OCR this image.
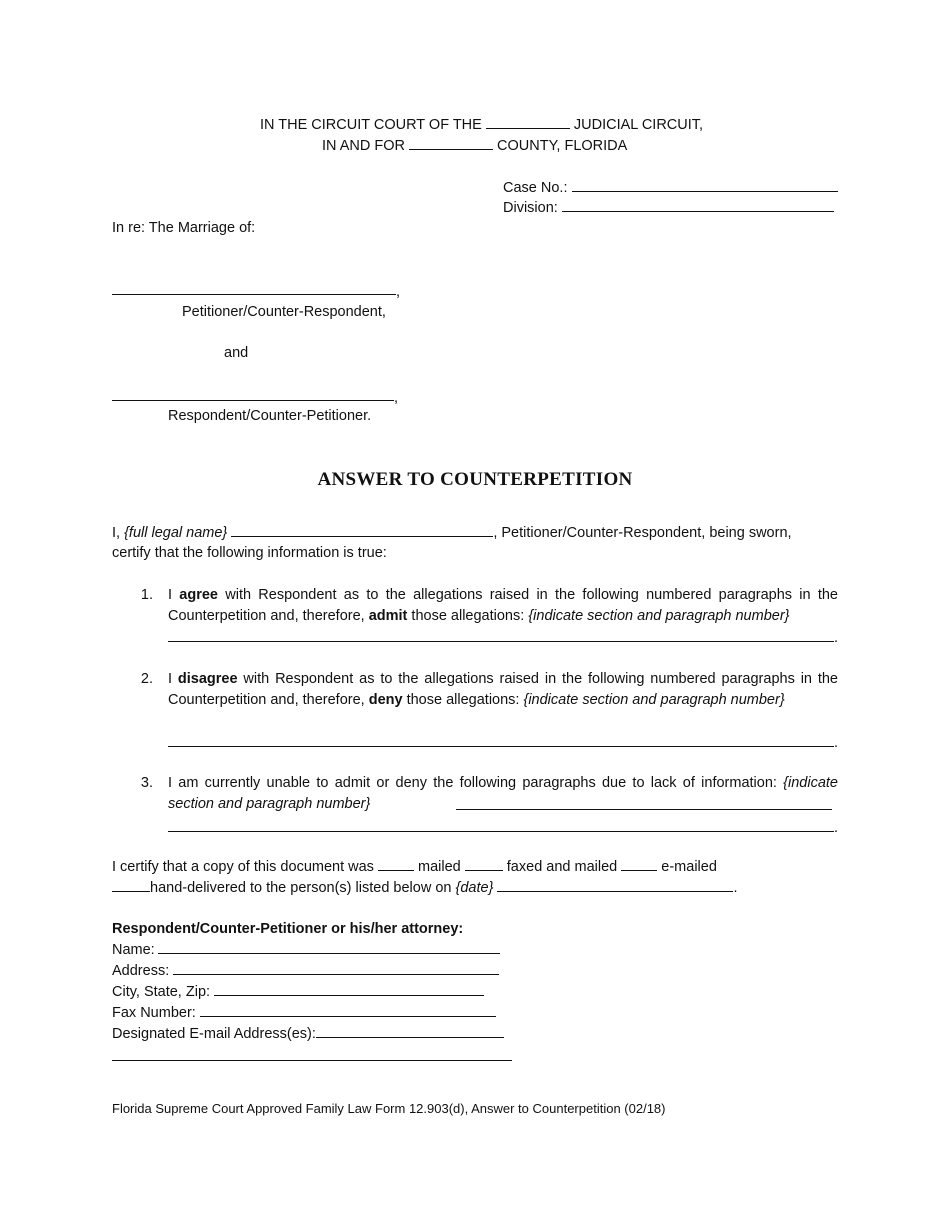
IN THE CIRCUIT COURT OF THE	JUDICIAL CIRCUIT,
IN AND FOR	COUNTY, FLORIDA
Case No.:
Division:
In re: The Marriage of:
,
Petitioner/Counter-Respondent,
and
,
Respondent/Counter-Petitioner.
ANSWER TO COUNTERPETITION
I, {full legal name}	, Petitioner/Counter-Respondent, being sworn,
certify that the following information is true:
1. I agree with Respondent as to the allegations raised in the following numbered paragraphs in the Counterpetition and, therefore, admit those allegations: {indicate section and paragraph number}
.
2. I disagree with Respondent as to the allegations raised in the following numbered paragraphs in the Counterpetition and, therefore, deny those allegations: {indicate section and paragraph number}
.
3. I am currently unable to admit or deny the following paragraphs due to lack of information: {indicate section and paragraph number}
.
I certify that a copy of this document was	mailed	faxed and mailed	e-mailed
hand-delivered to the person(s) listed below on {date}	.
Respondent/Counter-Petitioner or his/her attorney:
Name:
Address:
City, State, Zip:
Fax Number:
Designated E-mail Address(es):
Florida Supreme Court Approved Family Law Form 12.903(d), Answer to Counterpetition (02/18)
